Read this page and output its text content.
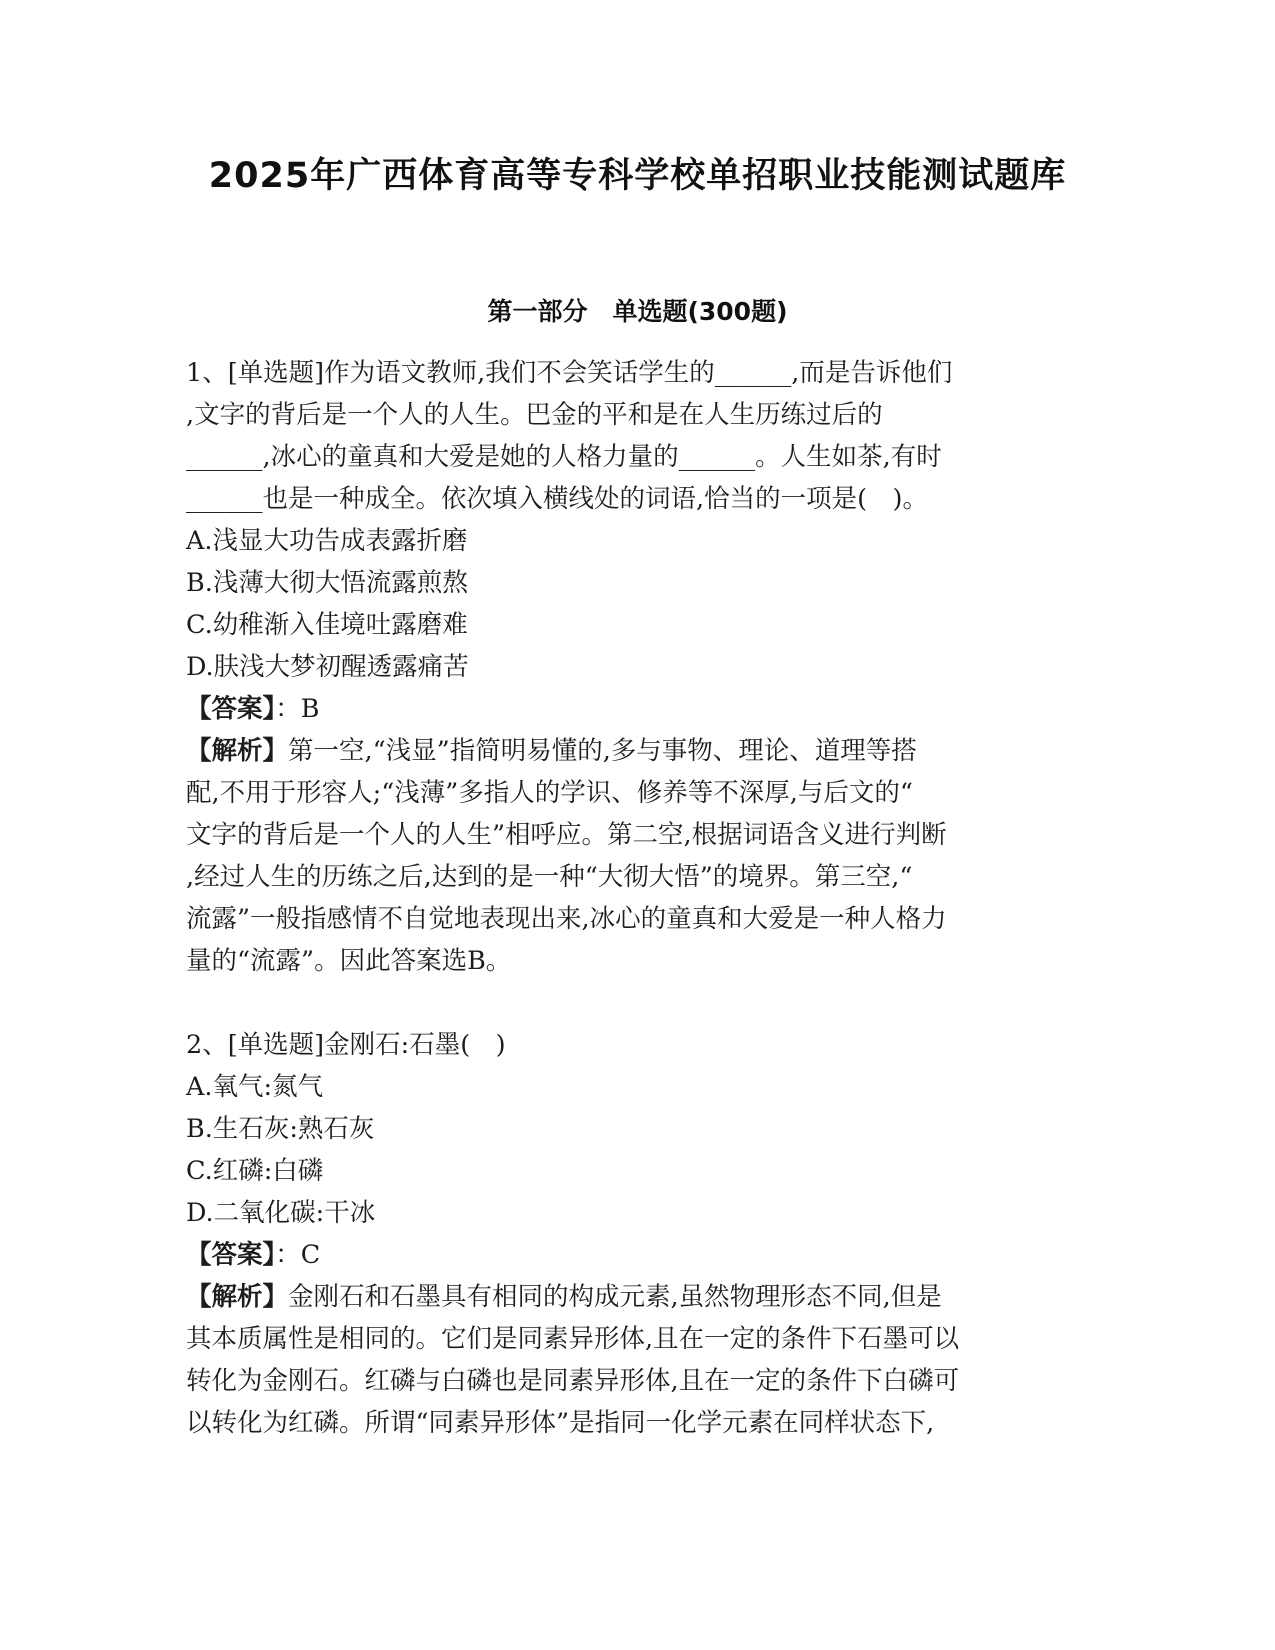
2025年广西体育高等专科学校单招职业技能测试题库
第一部分　单选题(300题)
1、[单选题]作为语文教师,我们不会笑话学生的______,而是告诉他们
,文字的背后是一个人的人生。巴金的平和是在人生历练过后的
______,冰心的童真和大爱是她的人格力量的______。人生如茶,有时
______也是一种成全。依次填入横线处的词语,恰当的一项是(　)。
A.浅显大功告成表露折磨
B.浅薄大彻大悟流露煎熬
C.幼稚渐入佳境吐露磨难
D.肤浅大梦初醒透露痛苦
【答案】：B
【解析】第一空,“浅显”指简明易懂的,多与事物、理论、道理等搭
配,不用于形容人;“浅薄”多指人的学识、修养等不深厚,与后文的“
文字的背后是一个人的人生”相呼应。第二空,根据词语含义进行判断
,经过人生的历练之后,达到的是一种“大彻大悟”的境界。第三空,“
流露”一般指感情不自觉地表现出来,冰心的童真和大爱是一种人格力
量的“流露”。因此答案选B。
2、[单选题]金刚石:石墨(　)
A.氧气:氮气
B.生石灰:熟石灰
C.红磷:白磷
D.二氧化碳:干冰
【答案】：C
【解析】金刚石和石墨具有相同的构成元素,虽然物理形态不同,但是
其本质属性是相同的。它们是同素异形体,且在一定的条件下石墨可以
转化为金刚石。红磷与白磷也是同素异形体,且在一定的条件下白磷可
以转化为红磷。所谓“同素异形体”是指同一化学元素在同样状态下,
